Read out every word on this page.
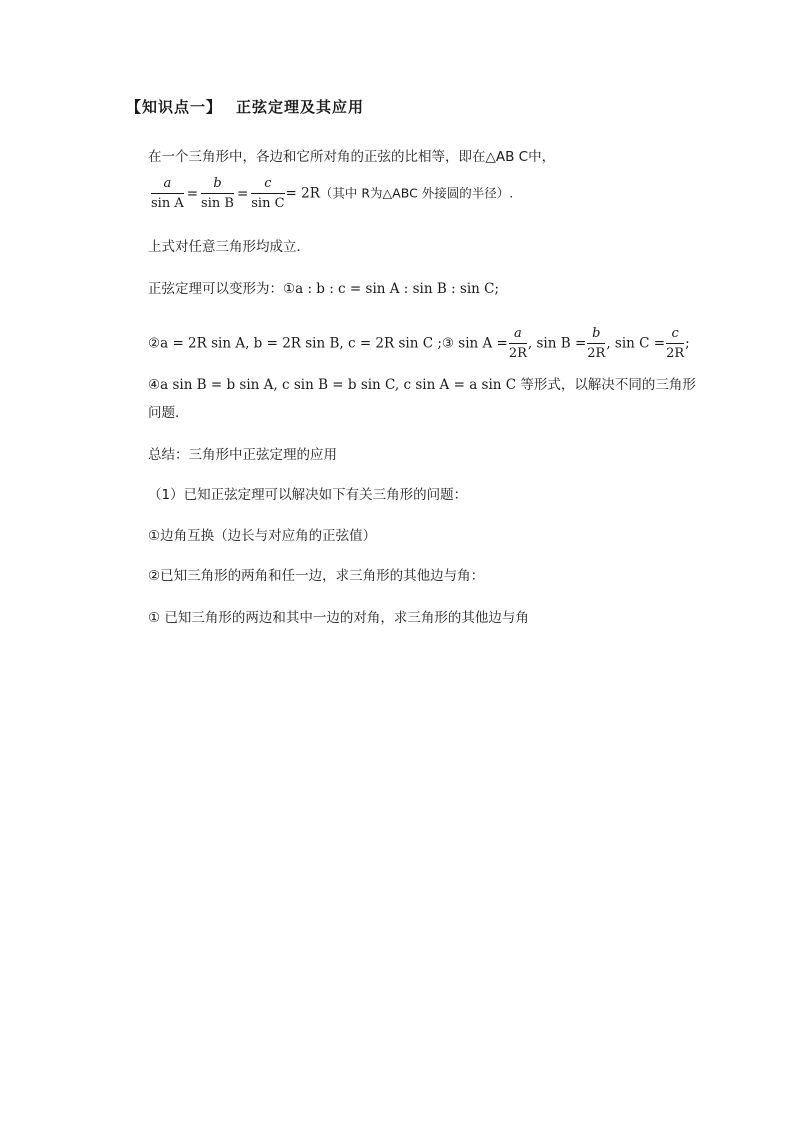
【知识点一】 正弦定理及其应用
在一个三角形中，各边和它所对角的正弦的比相等，即在△AB C中，
$\frac{a}{\text{sin A}} = \frac{b}{\text{sin B}} = \frac{c}{\text{sin C}} = 2R$（其中 R为△ABC 外接圆的半径）.
上式对任意三角形均成立．
正弦定理可以变形为：①a : b : c = sin A : sin B : sin C;
②a = 2R sin A, b = 2R sin B, c = 2R sin C ;③ $\sin A = \frac{a}{2R}$ , $\sin B = \frac{b}{2R}$ , $\sin C = \frac{c}{2R}$ ;
④a sin B = b sin A, c sin B = b sin C, c sin A = a sin C 等形式，以解决不同的三角形
问题．
总结：三角形中正弦定理的应用
（1）已知正弦定理可以解决如下有关三角形的问题：
①边角互换（边长与对应角的正弦值）
②已知三角形的两角和任一边，求三角形的其他边与角：
① 已知三角形的两边和其中一边的对角，求三角形的其他边与角
